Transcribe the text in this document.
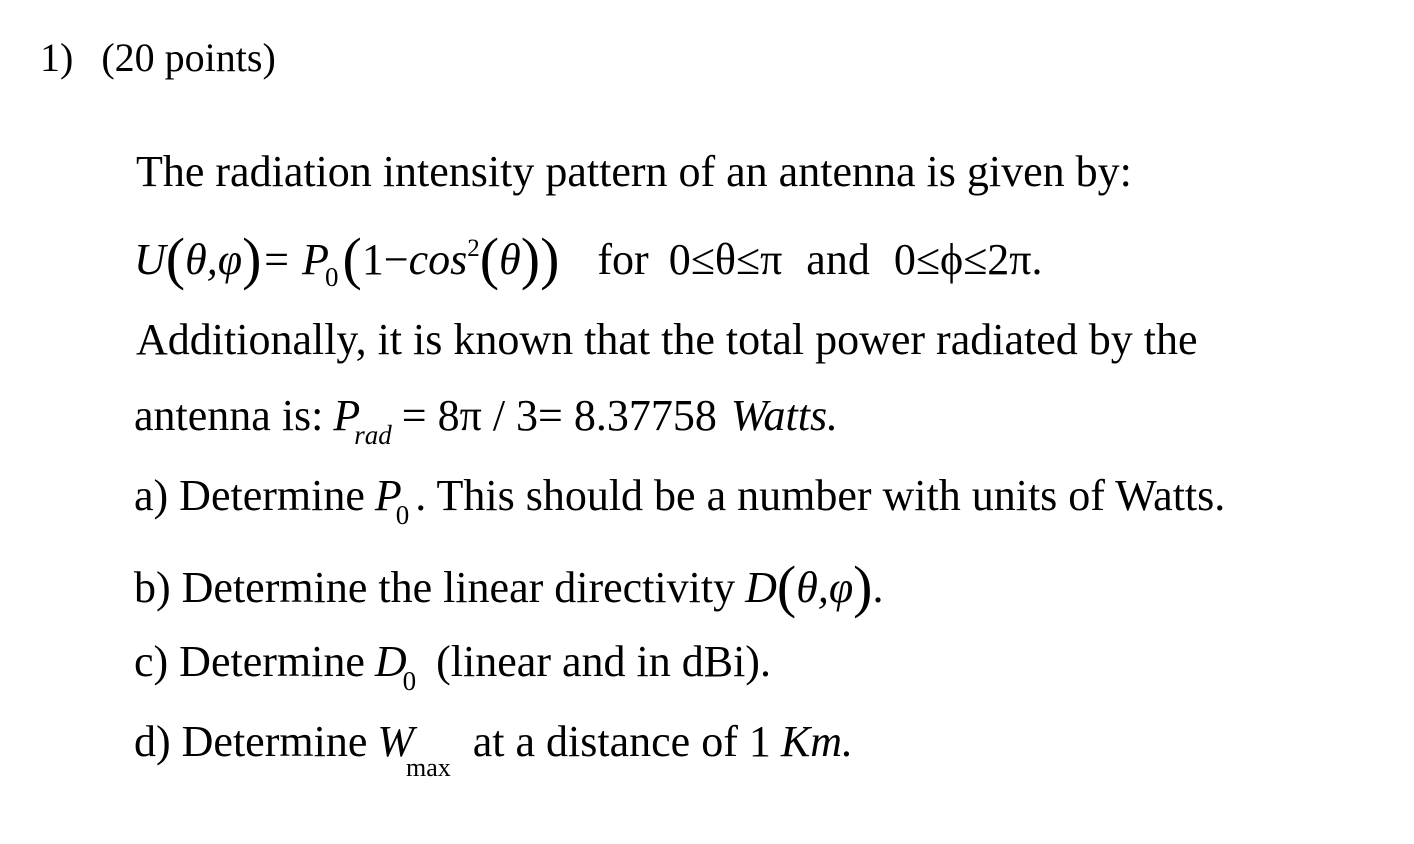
1) (20 points)
The radiation intensity pattern of an antenna is given by:
$U(\theta,\varphi)= P_0(1-\cos^2(\theta))$ for 0≤θ≤π and 0≤ϕ≤2π.
Additionally, it is known that the total power radiated by the
antenna is: $P_{rad} = 8\pi / 3= 8.37758$ Watts.
a) Determine $P_0$ . This should be a number with units of Watts.
b) Determine the linear directivity D(θ,φ).
c) Determine $D_0$ (linear and in dBi).
d) Determine $W_{max}at$ a distance of 1 Km.
